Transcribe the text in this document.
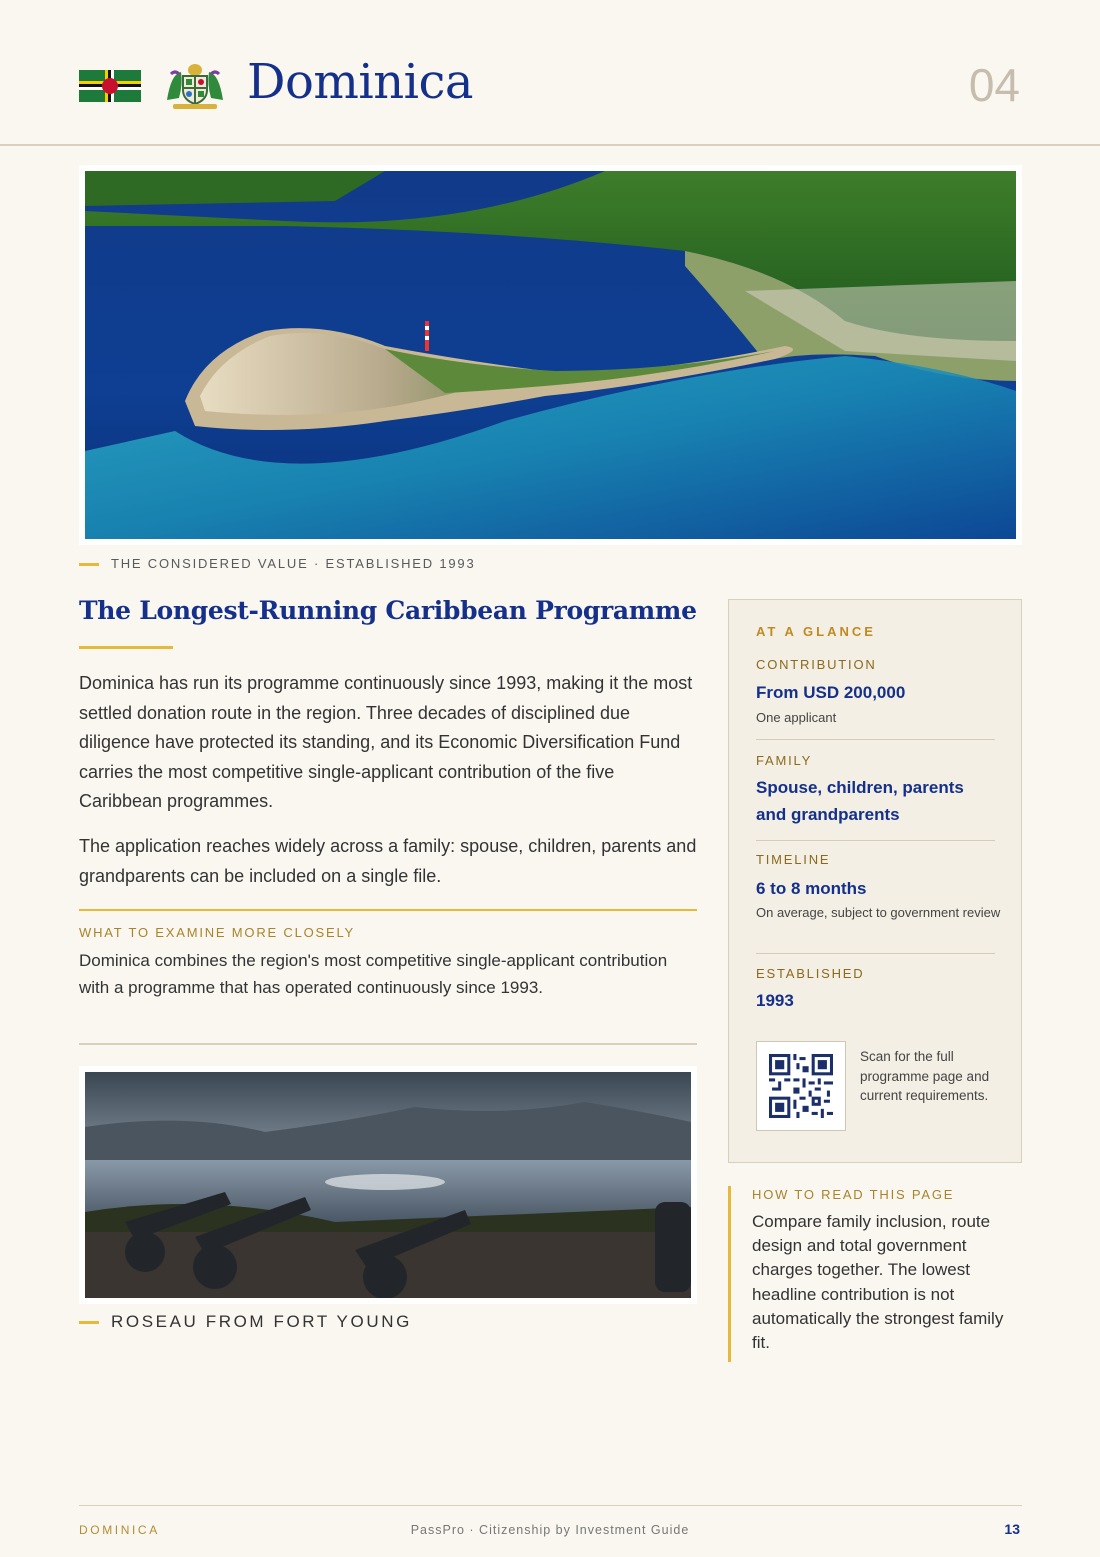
Dominica	04
THE CONSIDERED VALUE · ESTABLISHED 1993
The Longest-Running Caribbean Programme

Dominica has run its programme continuously since 1993, making it the most settled donation route in the region. Three decades of disciplined due diligence have protected its standing, and its Economic Diversification Fund carries the most competitive single-applicant contribution of the five Caribbean programmes.

The application reaches widely across a family: spouse, children, parents and grandparents can be included on a single file.

WHAT TO EXAMINE MORE CLOSELY

Dominica combines the region's most competitive single-applicant contribution with a programme that has operated continuously since 1993.

ROSEAU FROM FORT YOUNG
AT A GLANCE
CONTRIBUTION
From USD 200,000
One applicant
FAMILY
Spouse, children, parents and grandparents
TIMELINE
6 to 8 months
On average, subject to government review
ESTABLISHED
1993
Scan for the full programme page and current requirements.
HOW TO READ THIS PAGE

Compare family inclusion, route design and total government charges together. The lowest headline contribution is not automatically the strongest family fit.

DOMINICA	PassPro · Citizenship by Investment Guide	13
